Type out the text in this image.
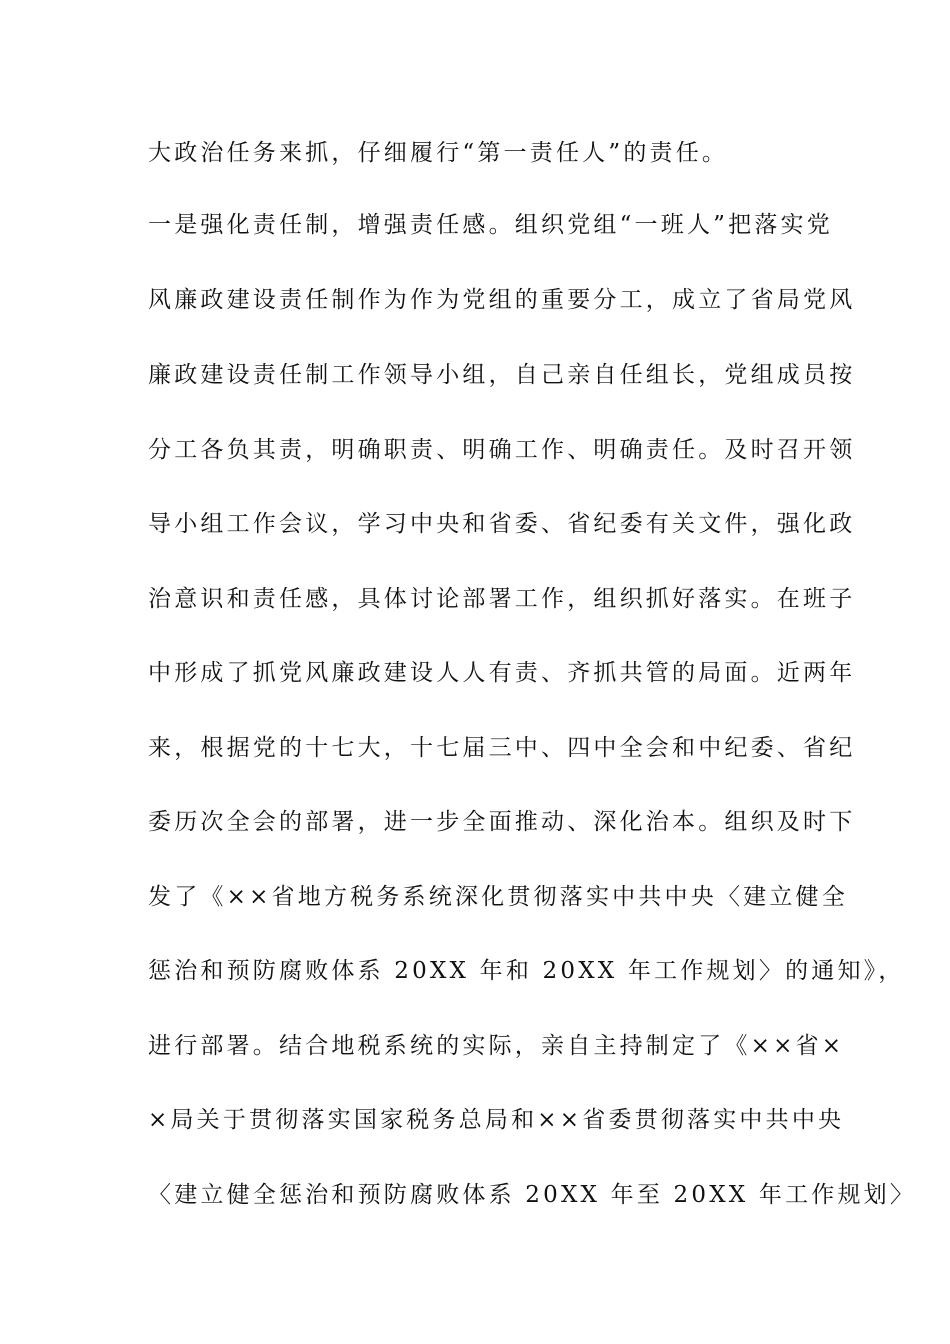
大政治任务来抓，仔细履行“第一责任人”的责任。
一是强化责任制，增强责任感。组织党组“一班人”把落实党
风廉政建设责任制作为作为党组的重要分工，成立了省局党风
廉政建设责任制工作领导小组，自己亲自任组长，党组成员按
分工各负其责，明确职责、明确工作、明确责任。及时召开领
导小组工作会议，学习中央和省委、省纪委有关文件，强化政
治意识和责任感，具体讨论部署工作，组织抓好落实。在班子
中形成了抓党风廉政建设人人有责、齐抓共管的局面。近两年
来，根据党的十七大，十七届三中、四中全会和中纪委、省纪
委历次全会的部署，进一步全面推动、深化治本。组织及时下
发了《××省地方税务系统深化贯彻落实中共中央〈建立健全
惩治和预防腐败体系 20XX 年和 20XX 年工作规划〉的通知》，
进行部署。结合地税系统的实际，亲自主持制定了《××省×
×局关于贯彻落实国家税务总局和××省委贯彻落实中共中央
〈建立健全惩治和预防腐败体系 20XX 年至 20XX 年工作规划〉
